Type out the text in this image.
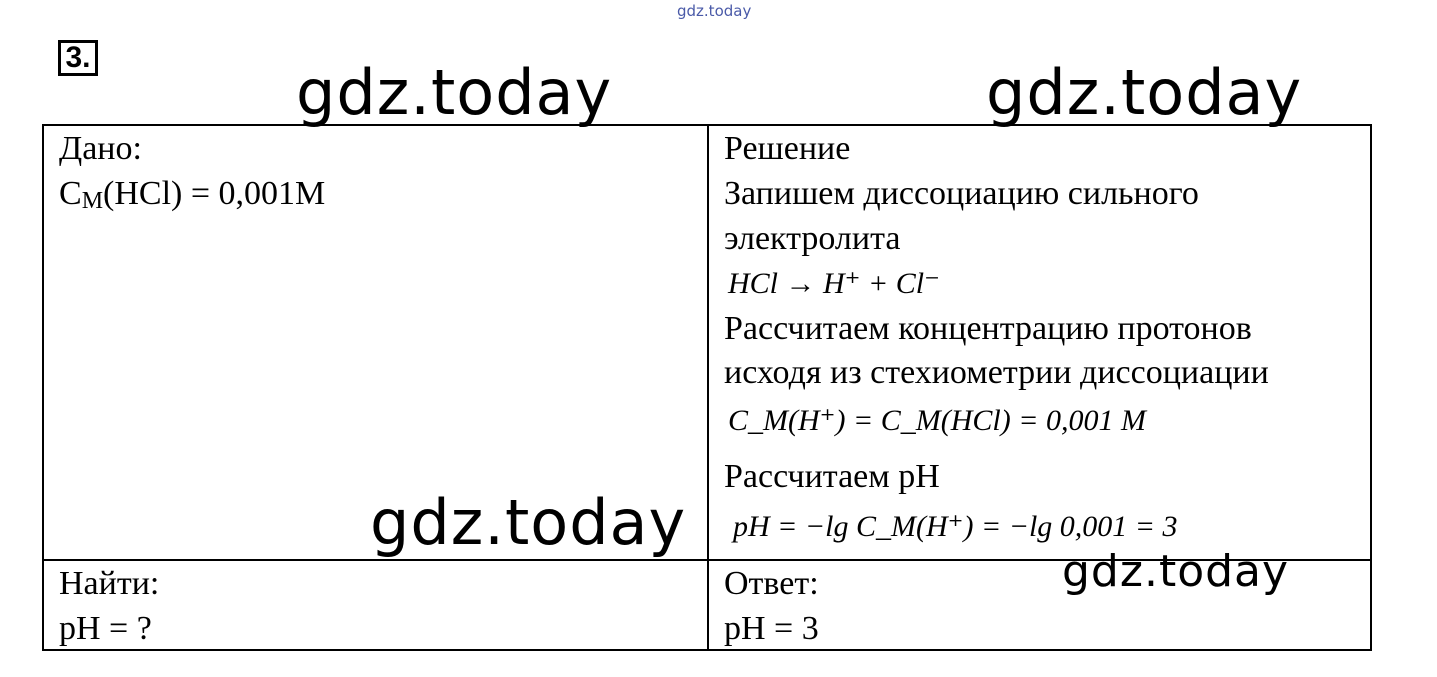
gdz.today
gdz.today	gdz.today
3.
Дано:
CM(HCl) = 0,001M
Решение
Запишем диссоциацию сильного
электролита
HCl → H⁺ + Cl⁻
Рассчитаем концентрацию протонов
исходя из стехиометрии диссоциации
C_M(H⁺) = C_M(HCl) = 0,001 M
Рассчитаем pH
pH = −lg C_M(H⁺) = −lg 0,001 = 3
gdz.today
gdz.today
Найти:
pH = ?
Ответ:
pH = 3
